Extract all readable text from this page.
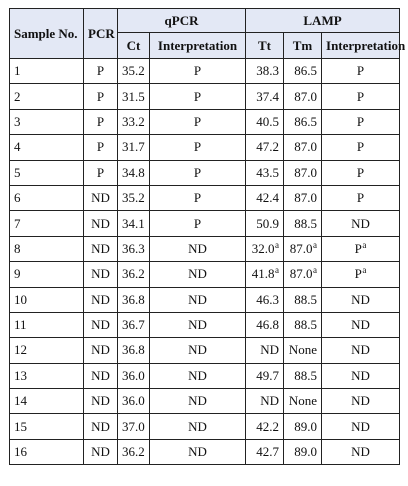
Sample No.	PCR	qPCR		LAMP		
		Ct	Interpretation	Tt	Tm	Interpretation
1	P	35.2	P	38.3	86.5	P
2	P	31.5	P	37.4	87.0	P
3	P	33.2	P	40.5	86.5	P
4	P	31.7	P	47.2	87.0	P
5	P	34.8	P	43.5	87.0	P
6	ND	35.2	P	42.4	87.0	P
7	ND	34.1	P	50.9	88.5	ND
8	ND	36.3	ND	32.0$^a$	87.0$^a$	$P^a$
9	ND	36.2	ND	41.8$^a$	87.0$^a$	$P^a$
10	ND	36.8	ND	46.3	88.5	ND
11	ND	36.7	ND	46.8	88.5	ND
12	ND	36.8	ND	ND	None	ND
13	ND	36.0	ND	49.7	88.5	ND
14	ND	36.0	ND	ND	None	ND
15	ND	37.0	ND	42.2	89.0	ND
16	ND	36.2	ND	42.7	89.0	ND
